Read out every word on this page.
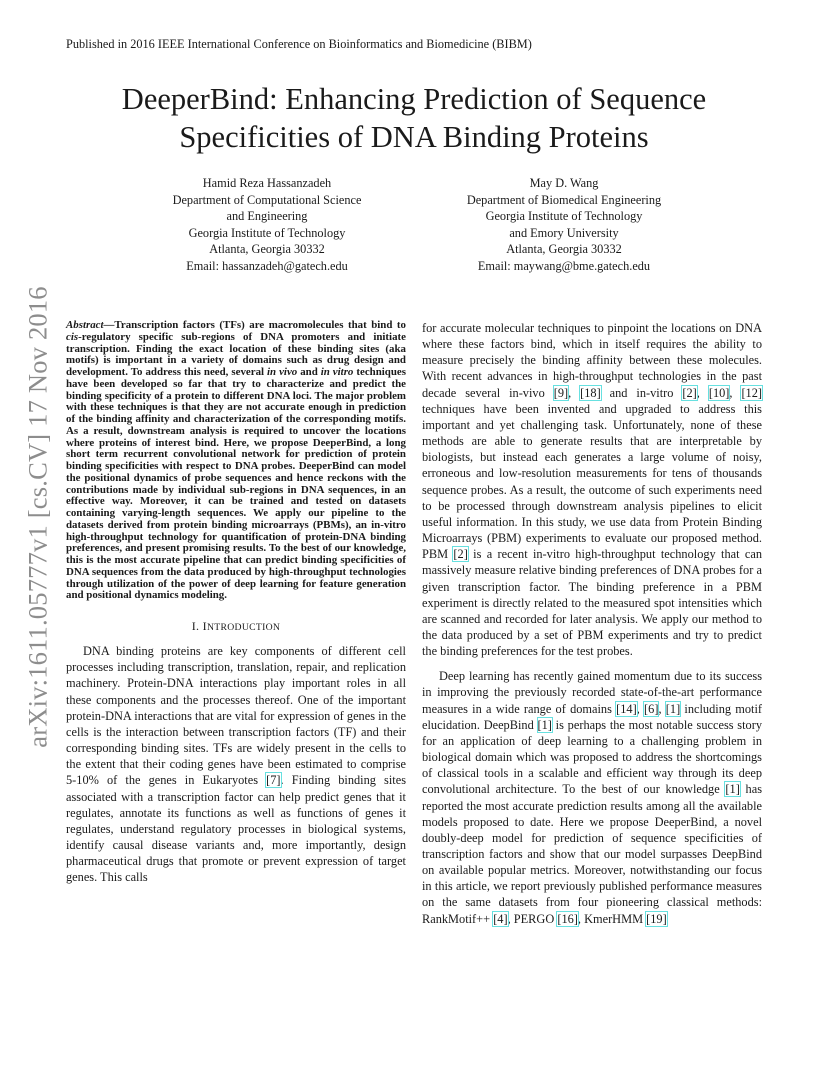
Published in 2016 IEEE International Conference on Bioinformatics and Biomedicine (BIBM)
DeeperBind: Enhancing Prediction of Sequence
Specificities of DNA Binding Proteins
Hamid Reza Hassanzadeh
Department of Computational Science
and Engineering
Georgia Institute of Technology
Atlanta, Georgia 30332
Email: hassanzadeh@gatech.edu
May D. Wang
Department of Biomedical Engineering
Georgia Institute of Technology
and Emory University
Atlanta, Georgia 30332
Email: maywang@bme.gatech.edu
arXiv:1611.05777v1 [cs.CV] 17 Nov 2016 Abstract—Transcription factors (TFs) are macromolecules that bind to cis-regulatory specific sub-regions of DNA promoters and initiate transcription. Finding the exact location of these binding sites (aka motifs) is important in a variety of domains such as drug design and development. To address this need, several in vivo and in vitro techniques have been developed so far that try to characterize and predict the binding specificity of a protein to different DNA loci. The major problem with these techniques is that they are not accurate enough in prediction of the binding affinity and characterization of the corresponding motifs. As a result, downstream analysis is required to uncover the locations where proteins of interest bind. Here, we propose DeeperBind, a long short term recurrent convolutional network for prediction of protein binding specificities with respect to DNA probes. DeeperBind can model the positional dynamics of probe sequences and hence reckons with the contributions made by individual sub-regions in DNA sequences, in an effective way. Moreover, it can be trained and tested on datasets containing varying-length sequences. We apply our pipeline to the datasets derived from protein binding microarrays (PBMs), an in-vitro high-throughput technology for quantification of protein-DNA binding preferences, and present promising results. To the best of our knowledge, this is the most accurate pipeline that can predict binding specificities of DNA sequences from the data produced by high-throughput technologies through utilization of the power of deep learning for feature generation and positional dynamics modeling.

I. INTRODUCTION

DNA binding proteins are key components of different cell processes including transcription, translation, repair, and replication machinery. Protein-DNA interactions play important roles in all these components and the processes thereof. One of the important protein-DNA interactions that are vital for expression of genes in the cells is the interaction between transcription factors (TF) and their corresponding binding sites. TFs are widely present in the cells to the extent that their coding genes have been estimated to comprise 5-10% of the genes in Eukaryotes [7]. Finding binding sites associated with a transcription factor can help predict genes that it regulates, annotate its functions as well as functions of genes it regulates, understand regulatory processes in biological systems, identify causal disease variants and, more importantly, design pharmaceutical drugs that promote or prevent expression of target genes. This calls

for accurate molecular techniques to pinpoint the locations on DNA where these factors bind, which in itself requires the ability to measure precisely the binding affinity between these molecules. With recent advances in high-throughput technologies in the past decade several in-vivo [9], [18] and in-vitro [2], [10], [12] techniques have been invented and upgraded to address this important and yet challenging task. Unfortunately, none of these methods are able to generate results that are interpretable by biologists, but instead each generates a large volume of noisy, erroneous and low-resolution measurements for tens of thousands sequence probes. As a result, the outcome of such experiments need to be processed through downstream analysis pipelines to elicit useful information. In this study, we use data from Protein Binding Microarrays (PBM) experiments to evaluate our proposed method. PBM [2] is a recent in-vitro high-throughput technology that can massively measure relative binding preferences of DNA probes for a given transcription factor. The binding preference in a PBM experiment is directly related to the measured spot intensities which are scanned and recorded for later analysis. We apply our method to the data produced by a set of PBM experiments and try to predict the binding preferences for the test probes.

Deep learning has recently gained momentum due to its success in improving the previously recorded state-of-the-art performance measures in a wide range of domains [14], [6], [1] including motif elucidation. DeepBind [1] is perhaps the most notable success story for an application of deep learning to a challenging problem in biological domain which was proposed to address the shortcomings of classical tools in a scalable and efficient way through its deep convolutional architecture. To the best of our knowledge [1] has reported the most accurate prediction results among all the available models proposed to date. Here we propose DeeperBind, a novel doubly-deep model for prediction of sequence specificities of transcription factors and show that our model surpasses DeepBind on available popular metrics. Moreover, notwithstanding our focus in this article, we report previously published performance measures on the same datasets from four pioneering classical methods: RankMotif++ [4], PERGO [16], KmerHMM [19]
